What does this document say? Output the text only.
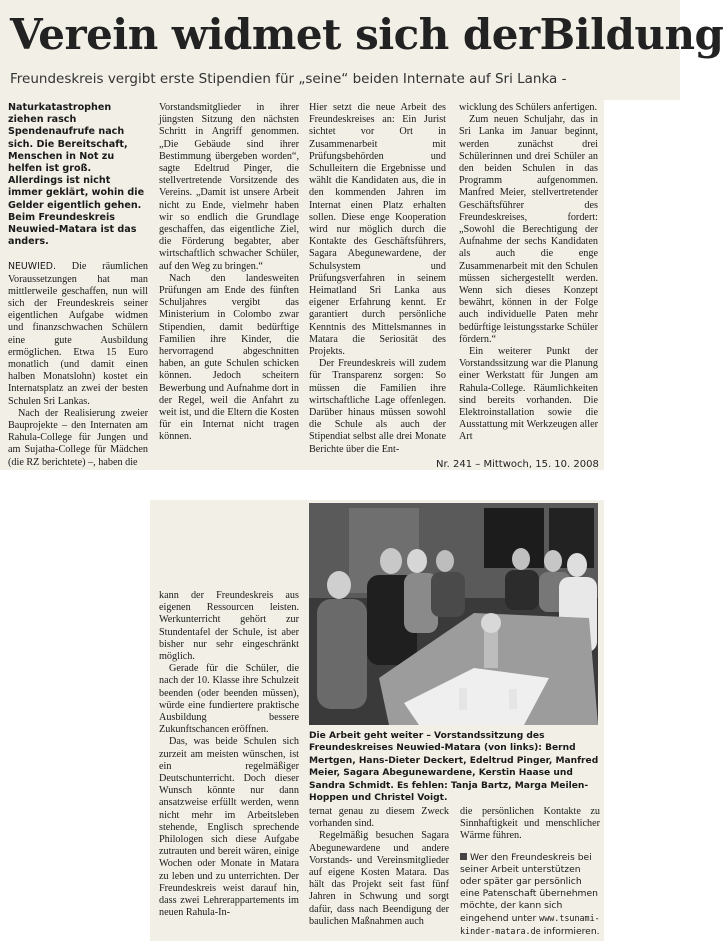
Verein widmet sich derBildung
Freundeskreis vergibt erste Stipendien für „seine“ beiden Internate auf Sri Lanka -

Naturkatastrophen ziehen rasch Spendenaufrufe nach sich. Die Bereitschaft, Menschen in Not zu helfen ist groß. Allerdings ist nicht immer geklärt, wohin die Gelder eigentlich gehen. Beim Freundeskreis Neuwied-Matara ist das anders.

NEUWIED. Die räumlichen Voraussetzungen hat man mittlerweile geschaffen, nun will sich der Freundeskreis seiner eigentlichen Aufgabe widmen und finanzschwachen Schülern eine gute Ausbildung ermöglichen. Etwa 15 Euro monatlich (und damit einen halben Monatslohn) kostet ein Internatsplatz an zwei der besten Schulen Sri Lankas.

Nach der Realisierung zweier Bauprojekte – den Internaten am Rahula-College für Jungen und am Sujatha-College für Mädchen (die RZ berichtete) –, haben die

Vorstandsmitglieder in ihrer jüngsten Sitzung den nächsten Schritt in Angriff genommen. „Die Gebäude sind ihrer Bestimmung übergeben worden“, sagte Edeltrud Pinger, die stellvertretende Vorsitzende des Vereins. „Damit ist unsere Arbeit nicht zu Ende, vielmehr haben wir so endlich die Grundlage geschaffen, das eigentliche Ziel, die Förderung begabter, aber wirtschaftlich schwacher Schüler, auf den Weg zu bringen.“

Nach den landesweiten Prüfungen am Ende des fünften Schuljahres vergibt das Ministerium in Colombo zwar Stipendien, damit bedürftige Familien ihre Kinder, die hervorragend abgeschnitten haben, an gute Schulen schicken können. Jedoch scheitern Bewerbung und Aufnahme dort in der Regel, weil die Anfahrt zu weit ist, und die Eltern die Kosten für ein Internat nicht tragen können.

Hier setzt die neue Arbeit des Freundeskreises an: Ein Jurist sichtet vor Ort in Zusammenarbeit mit Prüfungsbehörden und Schulleitern die Ergebnisse und wählt die Kandidaten aus, die in den kommenden Jahren im Internat einen Platz erhalten sollen. Diese enge Kooperation wird nur möglich durch die Kontakte des Geschäftsführers, Sagara Abegunewardene, der Schulsystem und Prüfungsverfahren in seinem Heimatland Sri Lanka aus eigener Erfahrung kennt. Er garantiert durch persönliche Kenntnis des Mittelsmannes in Matara die Seriosität des Projekts.

Der Freundeskreis will zudem für Transparenz sorgen: So müssen die Familien ihre wirtschaftliche Lage offenlegen. Darüber hinaus müssen sowohl die Schule als auch der Stipendiat selbst alle drei Monate Berichte über die Ent-

wicklung des Schülers anfertigen.

Zum neuen Schuljahr, das in Sri Lanka im Januar beginnt, werden zunächst drei Schülerinnen und drei Schüler an den beiden Schulen in das Programm aufgenommen. Manfred Meier, stellvertretender Geschäftsführer des Freundeskreises, fordert: „Sowohl die Berechtigung der Aufnahme der sechs Kandidaten als auch die enge Zusammenarbeit mit den Schulen müssen sichergestellt werden. Wenn sich dieses Konzept bewährt, können in der Folge auch individuelle Paten mehr bedürftige leistungsstarke Schüler fördern.“

Ein weiterer Punkt der Vorstandssitzung war die Planung einer Werkstatt für Jungen am Rahula-College. Räumlichkeiten sind bereits vorhanden. Die Elektroinstallation sowie die Ausstattung mit Werkzeugen aller Art

Nr. 241 – Mittwoch, 15. 10. 2008
Die Arbeit geht weiter – Vorstandssitzung des Freundeskreises Neuwied-Matara (von links): Bernd Mertgen, Hans-Dieter Deckert, Edeltrud Pinger, Manfred Meier, Sagara Abegunewardene, Kerstin Haase und Sandra Schmidt. Es fehlen: Tanja Bartz, Marga Meilen-Hoppen und Christel Voigt.

kann der Freundeskreis aus eigenen Ressourcen leisten. Werkunterricht gehört zur Stundentafel der Schule, ist aber bisher nur sehr eingeschränkt möglich.

Gerade für die Schüler, die nach der 10. Klasse ihre Schulzeit beenden (oder beenden müssen), würde eine fundiertere praktische Ausbildung bessere Zukunftschancen eröffnen.

Das, was beide Schulen sich zurzeit am meisten wünschen, ist ein regelmäßiger Deutschunterricht. Doch dieser Wunsch könnte nur dann ansatzweise erfüllt werden, wenn nicht mehr im Arbeitsleben stehende, Englisch sprechende Philologen sich diese Aufgabe zutrauten und bereit wären, einige Wochen oder Monate in Matara zu leben und zu unterrichten. Der Freundeskreis weist darauf hin, dass zwei Lehrerappartements im neuen Rahula-In-

ternat genau zu diesem Zweck vorhanden sind.

Regelmäßig besuchen Sagara Abegunewardene und andere Vorstands- und Vereinsmitglieder auf eigene Kosten Matara. Das hält das Projekt seit fast fünf Jahren in Schwung und sorgt dafür, dass nach Beendigung der baulichen Maßnahmen auch

die persönlichen Kontakte zu Sinnhaftigkeit und menschlicher Wärme führen.

Wer den Freundeskreis bei seiner Arbeit unterstützen oder später gar persönlich eine Patenschaft übernehmen möchte, der kann sich eingehend unter www.tsunami-kinder-matara.de informieren.
